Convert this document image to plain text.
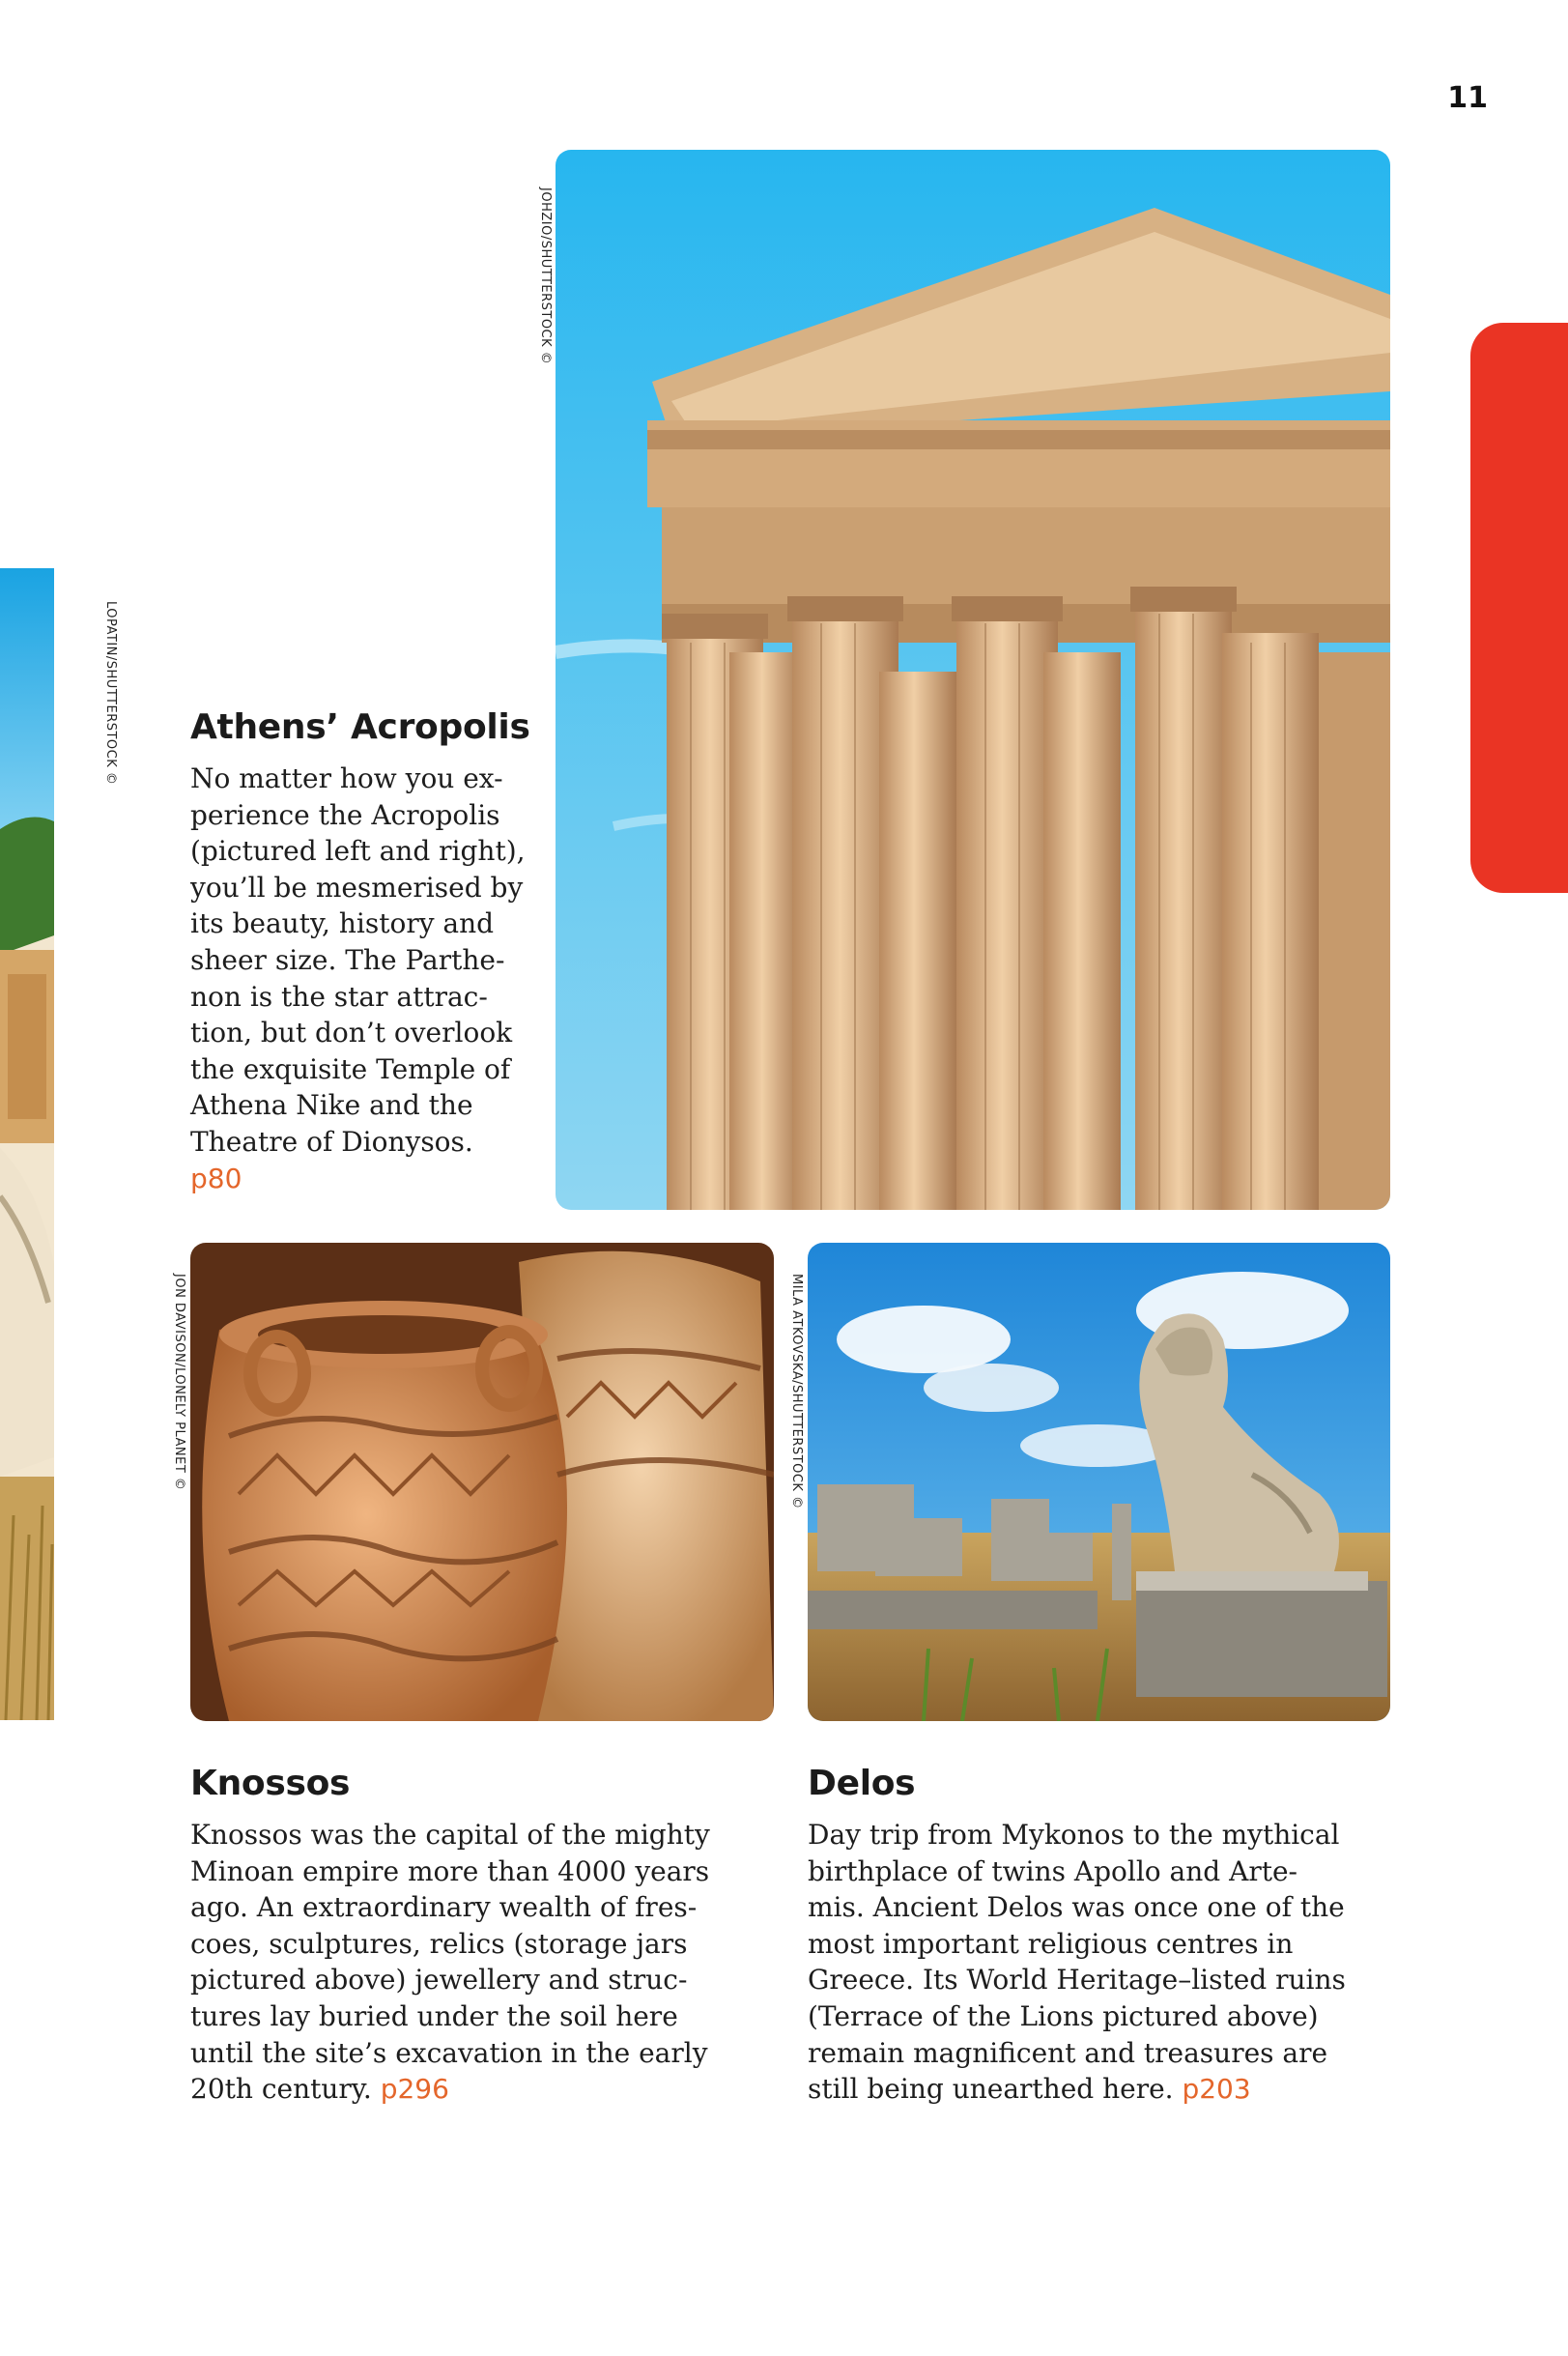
11
LOPATIN/SHUTTERSTOCK ©
JOHZIO/SHUTTERSTOCK ©
Athens’ Acropolis

No matter how you ex-
perience the Acropolis
(pictured left and right),
you’ll be mesmerised by
its beauty, history and
sheer size. The Parthe-
non is the star attrac-
tion, but don’t overlook
the exquisite Temple of
Athena Nike and the
Theatre of Dionysos.
p80

JON DAVISON/LONELY PLANET ©	MILA ATKOVSKA/SHUTTERSTOCK ©
Knossos

Knossos was the capital of the mighty
Minoan empire more than 4000 years
ago. An extraordinary wealth of fres-
coes, sculptures, relics (storage jars
pictured above) jewellery and struc-
tures lay buried under the soil here
until the site’s excavation in the early
20th century. p296

Delos

Day trip from Mykonos to the mythical
birthplace of twins Apollo and Arte-
mis. Ancient Delos was once one of the
most important religious centres in
Greece. Its World Heritage–listed ruins
(Terrace of the Lions pictured above)
remain magnificent and treasures are
still being unearthed here. p203
